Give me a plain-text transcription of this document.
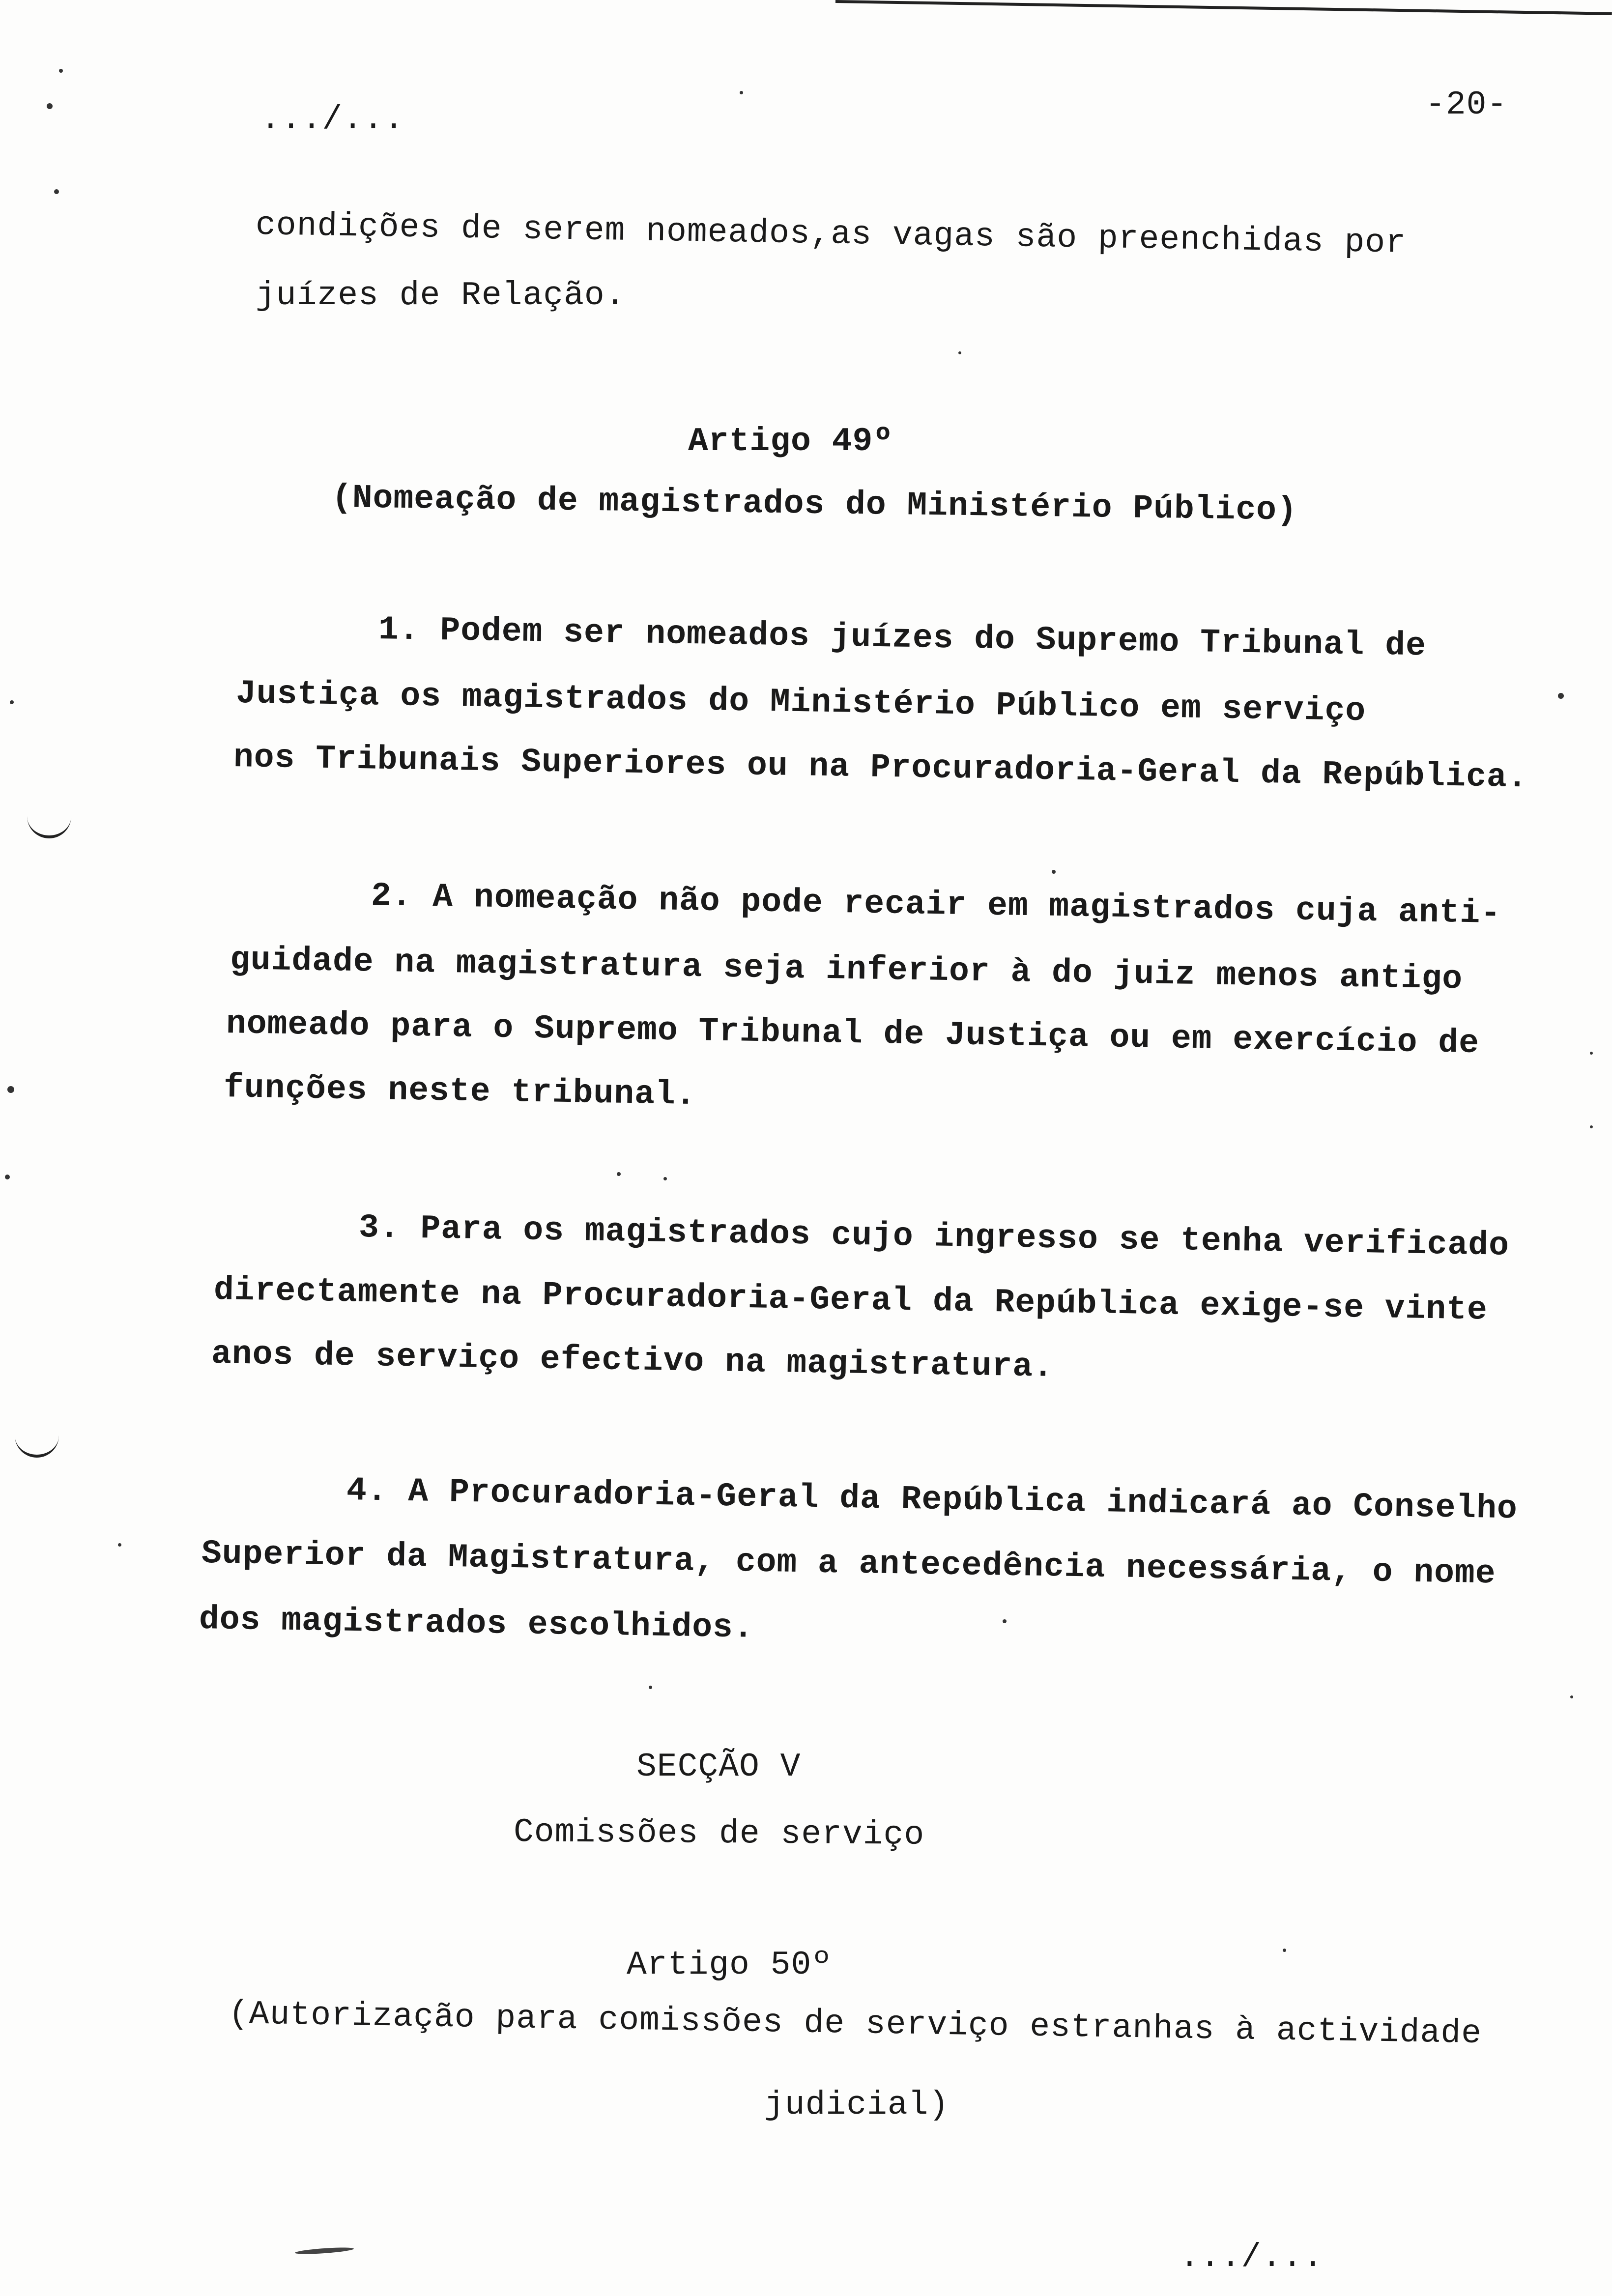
.../...	-20-
condições de serem nomeados,as vagas são preenchidas por
juízes de Relação.
Artigo 49º
(Nomeação de magistrados do Ministério Público)
1. Podem ser nomeados juízes do Supremo Tribunal de
Justiça os magistrados do Ministério Público em serviço
nos Tribunais Superiores ou na Procuradoria-Geral da República.
2. A nomeação não pode recair em magistrados cuja anti-
guidade na magistratura seja inferior à do juiz menos antigo
nomeado para o Supremo Tribunal de Justiça ou em exercício de
funções neste tribunal.
3. Para os magistrados cujo ingresso se tenha verificado
directamente na Procuradoria-Geral da República exige-se vinte
anos de serviço efectivo na magistratura.
4. A Procuradoria-Geral da República indicará ao Conselho
Superior da Magistratura, com a antecedência necessária, o nome
dos magistrados escolhidos.
SECÇÃO V
Comissões de serviço
Artigo 50º
(Autorização para comissões de serviço estranhas à actividade
judicial)
.../...
